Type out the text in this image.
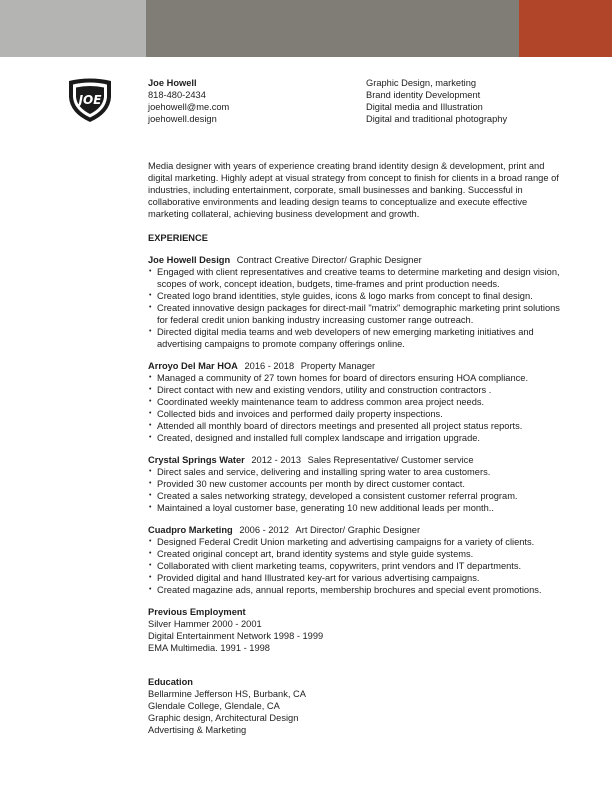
JOE
Joe Howell
818-480-2434
joehowell@me.com
joehowell.design
Graphic Design, marketing
Brand identity Development
Digital media and Illustration
Digital and traditional photography

Media designer with years of experience creating brand identity design & development, print and digital marketing. Highly adept at visual strategy from concept to finish for clients in a broad range of industries, including entertainment, corporate, small businesses and banking. Successful in collaborative environments and leading design teams to conceptualize and execute effective marketing collateral, achieving business development and growth.

EXPERIENCE
Joe Howell Design Contract Creative Director/ Graphic Designer
• Engaged with client representatives and creative teams to determine marketing and design vision, scopes of work, concept ideation, budgets, time-frames and print production needs.
• Created logo brand identities, style guides, icons & logo marks from concept to final design.
• Created innovative design packages for direct-mail "matrix" demographic marketing print solutions for federal credit union banking industry increasing customer range outreach.
• Directed digital media teams and web developers of new emerging marketing initiatives and advertising campaigns to promote company offerings online.
Arroyo Del Mar HOA 2016 - 2018 Property Manager
• Managed a community of 27 town homes for board of directors ensuring HOA compliance.
• Direct contact with new and existing vendors, utility and construction contractors .
• Coordinated weekly maintenance team to address common area project needs.
• Collected bids and invoices and performed daily property inspections.
• Attended all monthly board of directors meetings and presented all project status reports.
• Created, designed and installed full complex landscape and irrigation upgrade.
Crystal Springs Water 2012 - 2013 Sales Representative/ Customer service
• Direct sales and service, delivering and installing spring water to area customers.
• Provided 30 new customer accounts per month by direct customer contact.
• Created a sales networking strategy, developed a consistent customer referral program.
• Maintained a loyal customer base, generating 10 new additional leads per month..
Cuadpro Marketing 2006 - 2012 Art Director/ Graphic Designer
• Designed Federal Credit Union marketing and advertising campaigns for a variety of clients.
• Created original concept art, brand identity systems and style guide systems.
• Collaborated with client marketing teams, copywriters, print vendors and IT departments.
• Provided digital and hand Illustrated key-art for various advertising campaigns.
• Created magazine ads, annual reports, membership brochures and special event promotions.
Previous Employment
Silver Hammer 2000 - 2001
Digital Entertainment Network 1998 - 1999
EMA Multimedia. 1991 - 1998
Education
Bellarmine Jefferson HS, Burbank, CA
Glendale College, Glendale, CA
Graphic design, Architectural Design
Advertising & Marketing
